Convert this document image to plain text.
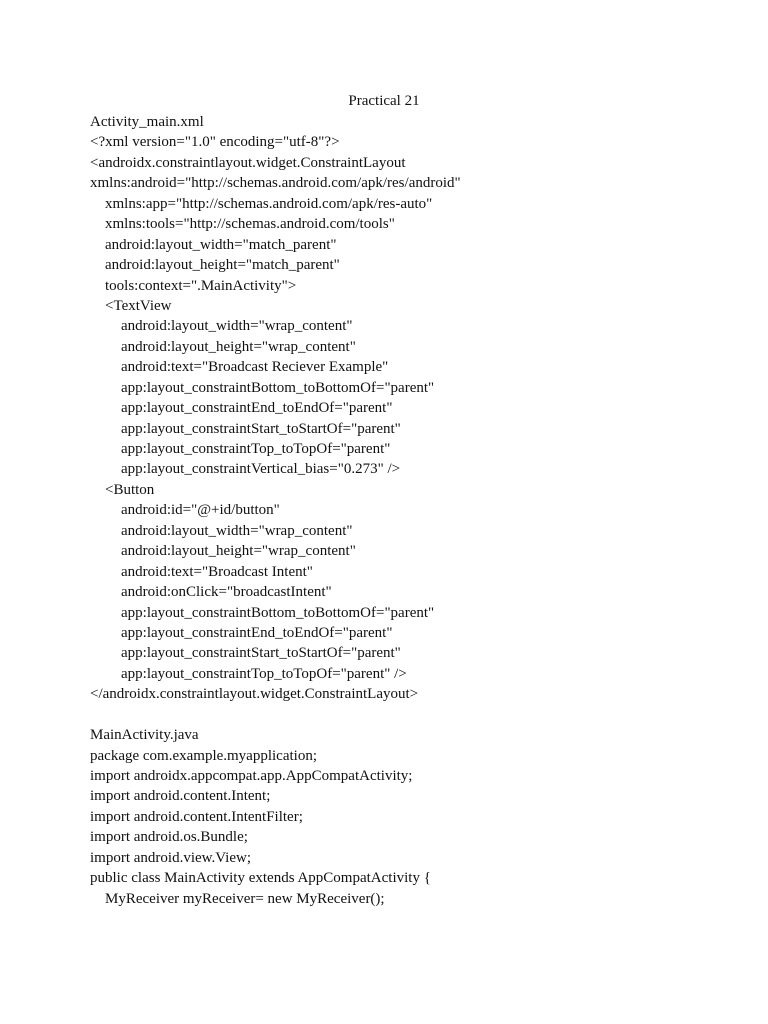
Practical 21
Activity_main.xml
<?xml version="1.0" encoding="utf-8"?>
<androidx.constraintlayout.widget.ConstraintLayout
xmlns:android="http://schemas.android.com/apk/res/android"
xmlns:app="http://schemas.android.com/apk/res-auto"
xmlns:tools="http://schemas.android.com/tools"
android:layout_width="match_parent"
android:layout_height="match_parent"
tools:context=".MainActivity">
<TextView
android:layout_width="wrap_content"
android:layout_height="wrap_content"
android:text="Broadcast Reciever Example"
app:layout_constraintBottom_toBottomOf="parent"
app:layout_constraintEnd_toEndOf="parent"
app:layout_constraintStart_toStartOf="parent"
app:layout_constraintTop_toTopOf="parent"
app:layout_constraintVertical_bias="0.273" />
<Button
android:id="@+id/button"
android:layout_width="wrap_content"
android:layout_height="wrap_content"
android:text="Broadcast Intent"
android:onClick="broadcastIntent"
app:layout_constraintBottom_toBottomOf="parent"
app:layout_constraintEnd_toEndOf="parent"
app:layout_constraintStart_toStartOf="parent"
app:layout_constraintTop_toTopOf="parent" />
</androidx.constraintlayout.widget.ConstraintLayout>
MainActivity.java
package com.example.myapplication;
import androidx.appcompat.app.AppCompatActivity;
import android.content.Intent;
import android.content.IntentFilter;
import android.os.Bundle;
import android.view.View;
public class MainActivity extends AppCompatActivity {
MyReceiver myReceiver= new MyReceiver();
